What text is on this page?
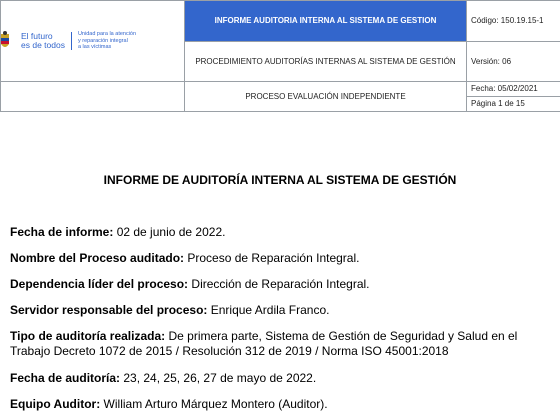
El futuro
es de todos
Unidad para la atención
y reparación integral
a las víctimas	INFORME AUDITORIA INTERNA AL SISTEMA DE GESTION	Código: 150.19.15-1
	PROCEDIMIENTO AUDITORÍAS INTERNAS AL SISTEMA DE GESTIÓN	Versión: 06
	PROCESO EVALUACIÓN INDEPENDIENTE	Fecha: 05/02/2021
Página 1 de 15
INFORME DE AUDITORÍA INTERNA AL SISTEMA DE GESTIÓN
Fecha de informe: 02 de junio de 2022.
Nombre del Proceso auditado: Proceso de Reparación Integral.
Dependencia líder del proceso: Dirección de Reparación Integral.
Servidor responsable del proceso: Enrique Ardila Franco.
Tipo de auditoría realizada: De primera parte, Sistema de Gestión de Seguridad y Salud en el Trabajo Decreto 1072 de 2015 / Resolución 312 de 2019 / Norma ISO 45001:2018
Fecha de auditoría: 23, 24, 25, 26, 27 de mayo de 2022.
Equipo Auditor: William Arturo Márquez Montero (Auditor).
